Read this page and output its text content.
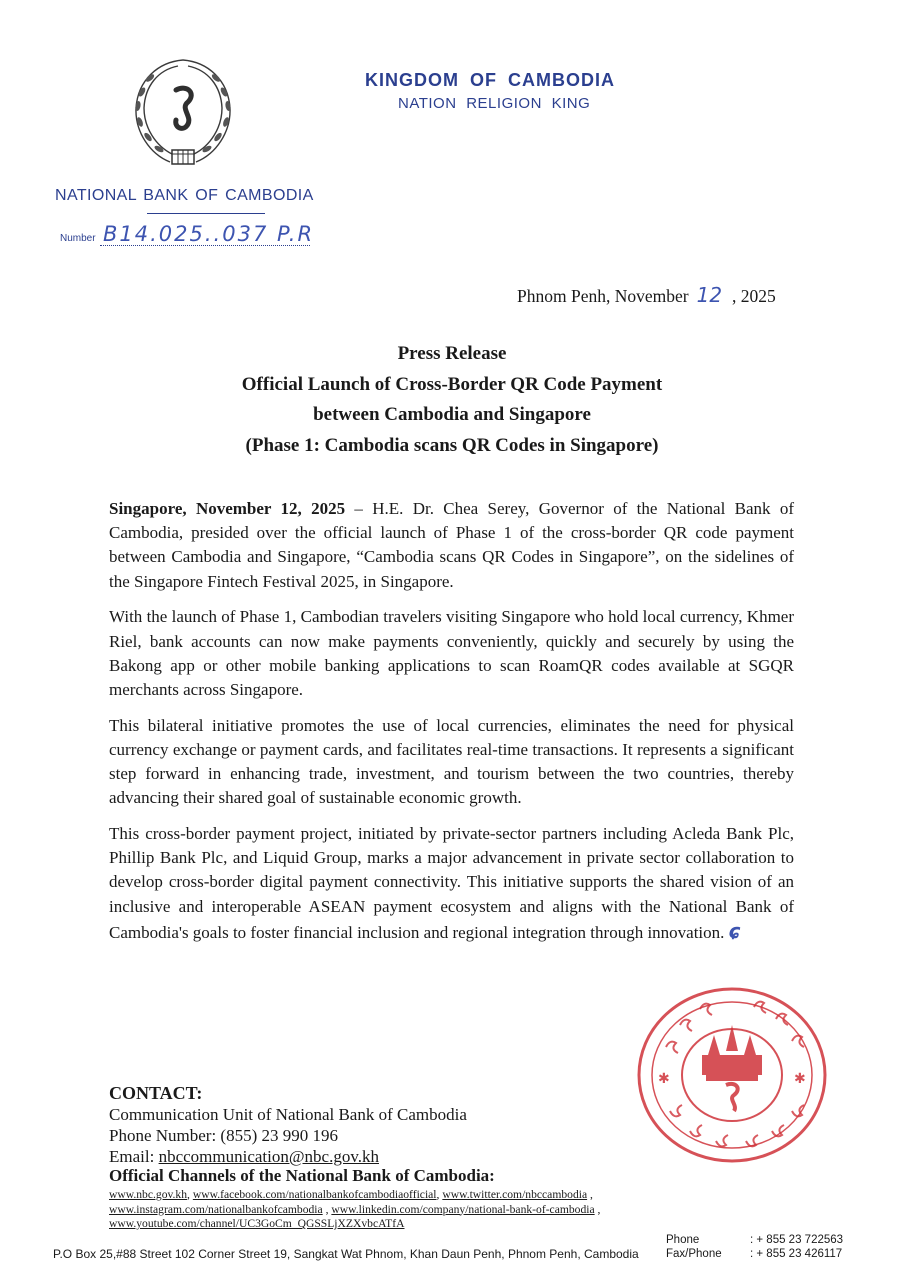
KINGDOM OF CAMBODIA
NATION RELIGION KING
NATIONAL BANK OF CAMBODIA
Number B14.025..037 P.R
Phnom Penh, November 12 , 2025
Press Release
Official Launch of Cross-Border QR Code Payment
between Cambodia and Singapore
(Phase 1: Cambodia scans QR Codes in Singapore)

Singapore, November 12, 2025 – H.E. Dr. Chea Serey, Governor of the National Bank of Cambodia, presided over the official launch of Phase 1 of the cross-border QR code payment between Cambodia and Singapore, “Cambodia scans QR Codes in Singapore”, on the sidelines of the Singapore Fintech Festival 2025, in Singapore.

With the launch of Phase 1, Cambodian travelers visiting Singapore who hold local currency, Khmer Riel, bank accounts can now make payments conveniently, quickly and securely by using the Bakong app or other mobile banking applications to scan RoamQR codes available at SGQR merchants across Singapore.

This bilateral initiative promotes the use of local currencies, eliminates the need for physical currency exchange or payment cards, and facilitates real-time transactions. It represents a significant step forward in enhancing trade, investment, and tourism between the two countries, thereby advancing their shared goal of sustainable economic growth.

This cross-border payment project, initiated by private-sector partners including Acleda Bank Plc, Phillip Bank Plc, and Liquid Group, marks a major advancement in private sector collaboration to develop cross-border digital payment connectivity. This initiative supports the shared vision of an inclusive and interoperable ASEAN payment ecosystem and aligns with the National Bank of Cambodia's goals to foster financial inclusion and regional integration through innovation. ɕ

✱	✱
CONTACT:
Communication Unit of National Bank of Cambodia
Phone Number: (855) 23 990 196
Email: nbccommunication@nbc.gov.kh
Official Channels of the National Bank of Cambodia:
www.nbc.gov.kh, www.facebook.com/nationalbankofcambodiaofficial, www.twitter.com/nbccambodia ,
www.instagram.com/nationalbankofcambodia , www.linkedin.com/company/national-bank-of-cambodia ,
www.youtube.com/channel/UC3GoCm_QGSSLjXZXvbcATfA
P.O Box 25,#88 Street 102 Corner Street 19, Sangkat Wat Phnom, Khan Daun Penh, Phnom Penh, Cambodia
Phone
Fax/Phone
: + 855 23 722563
: + 855 23 426117
